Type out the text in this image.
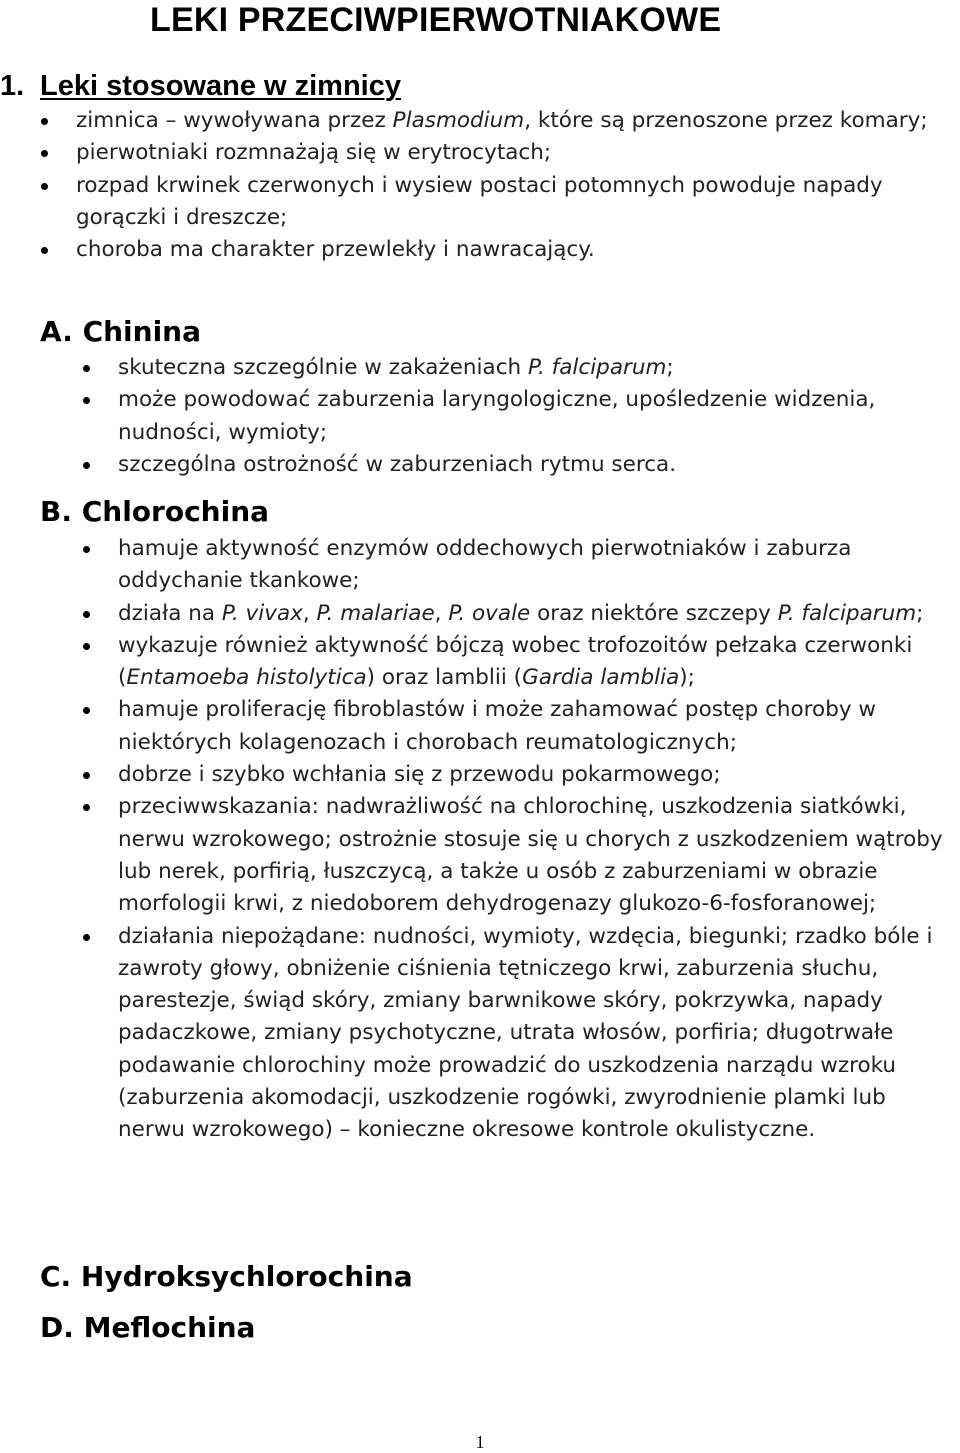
LEKI PRZECIWPIERWOTNIAKOWE
1. Leki stosowane w zimnicy
zimnica – wywoływana przez Plasmodium, które są przenoszone przez komary;
pierwotniaki rozmnażają się w erytrocytach;
rozpad krwinek czerwonych i wysiew postaci potomnych powoduje napady gorączki i dreszcze;
choroba ma charakter przewlekły i nawracający.
A. Chinina
skuteczna szczególnie w zakażeniach P. falciparum;
może powodować zaburzenia laryngologiczne, upośledzenie widzenia, nudności, wymioty;
szczególna ostrożność w zaburzeniach rytmu serca.
B. Chlorochina
hamuje aktywność enzymów oddechowych pierwotniaków i zaburza oddychanie tkankowe;
działa na P. vivax, P. malariae, P. ovale oraz niektóre szczepy P. falciparum;
wykazuje również aktywność bójczą wobec trofozoitów pełzaka czerwonki (Entamoeba histolytica) oraz lamblii (Gardia lamblia);
hamuje proliferację fibroblastów i może zahamować postęp choroby w niektórych kolagenozach i chorobach reumatologicznych;
dobrze i szybko wchłania się z przewodu pokarmowego;
przeciwwskazania: nadwrażliwość na chlorochinę, uszkodzenia siatkówki, nerwu wzrokowego; ostrożnie stosuje się u chorych z uszkodzeniem wątroby lub nerek, porfirią, łuszczycą, a także u osób z zaburzeniami w obrazie morfologii krwi, z niedoborem dehydrogenazy glukozo-6-fosforanowej;
działania niepożądane: nudności, wymioty, wzdęcia, biegunki; rzadko bóle i zawroty głowy, obniżenie ciśnienia tętniczego krwi, zaburzenia słuchu, parestezje, świąd skóry, zmiany barwnikowe skóry, pokrzywka, napady padaczkowe, zmiany psychotyczne, utrata włosów, porfiria; długotrwałe podawanie chlorochiny może prowadzić do uszkodzenia narządu wzroku (zaburzenia akomodacji, uszkodzenie rogówki, zwyrodnienie plamki lub nerwu wzrokowego) – konieczne okresowe kontrole okulistyczne.
C. Hydroksychlorochina
D. Meflochina
1
